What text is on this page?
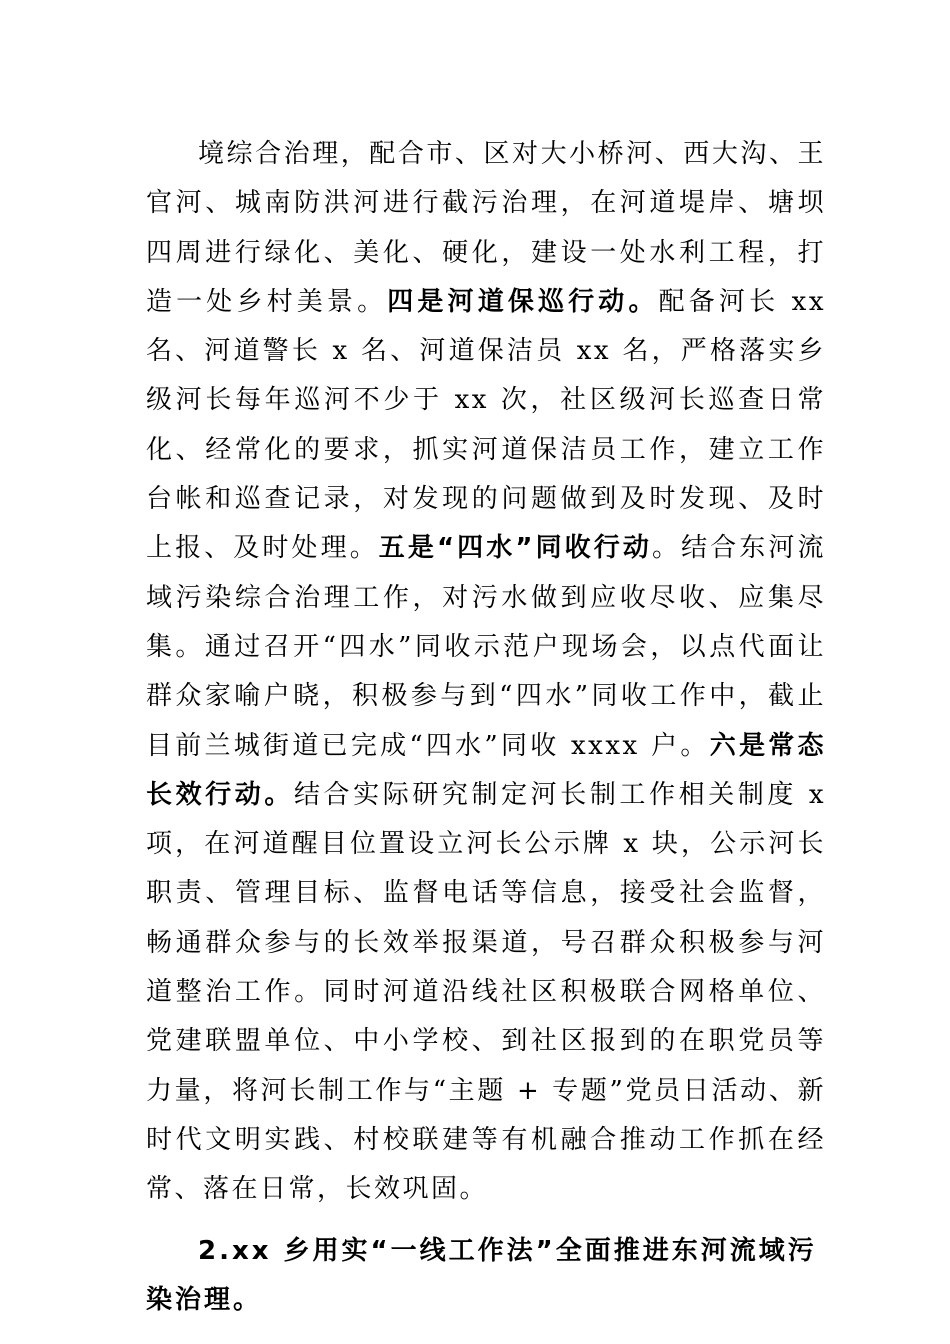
境综合治理，配合市、区对大小桥河、西大沟、王官河、城南防洪河进行截污治理，在河道堤岸、塘坝四周进行绿化、美化、硬化，建设一处水利工程，打造一处乡村美景。四是河道保巡行动。配备河长 xx 名、河道警长 x 名、河道保洁员 xx 名，严格落实乡级河长每年巡河不少于 xx 次，社区级河长巡查日常化、经常化的要求，抓实河道保洁员工作，建立工作台帐和巡查记录，对发现的问题做到及时发现、及时上报、及时处理。五是“四水”同收行动。结合东河流域污染综合治理工作，对污水做到应收尽收、应集尽集。通过召开“四水”同收示范户现场会，以点代面让群众家喻户晓，积极参与到“四水”同收工作中，截止目前兰城街道已完成“四水”同收 xxxx 户。六是常态长效行动。结合实际研究制定河长制工作相关制度 x 项，在河道醒目位置设立河长公示牌 x 块，公示河长职责、管理目标、监督电话等信息，接受社会监督，畅通群众参与的长效举报渠道，号召群众积极参与河道整治工作。同时河道沿线社区积极联合网格单位、党建联盟单位、中小学校、到社区报到的在职党员等力量，将河长制工作与“主题 + 专题”党员日活动、新时代文明实践、村校联建等有机融合推动工作抓在经常、落在日常，长效巩固。

2.xx 乡用实“一线工作法”全面推进东河流域污染治理。
